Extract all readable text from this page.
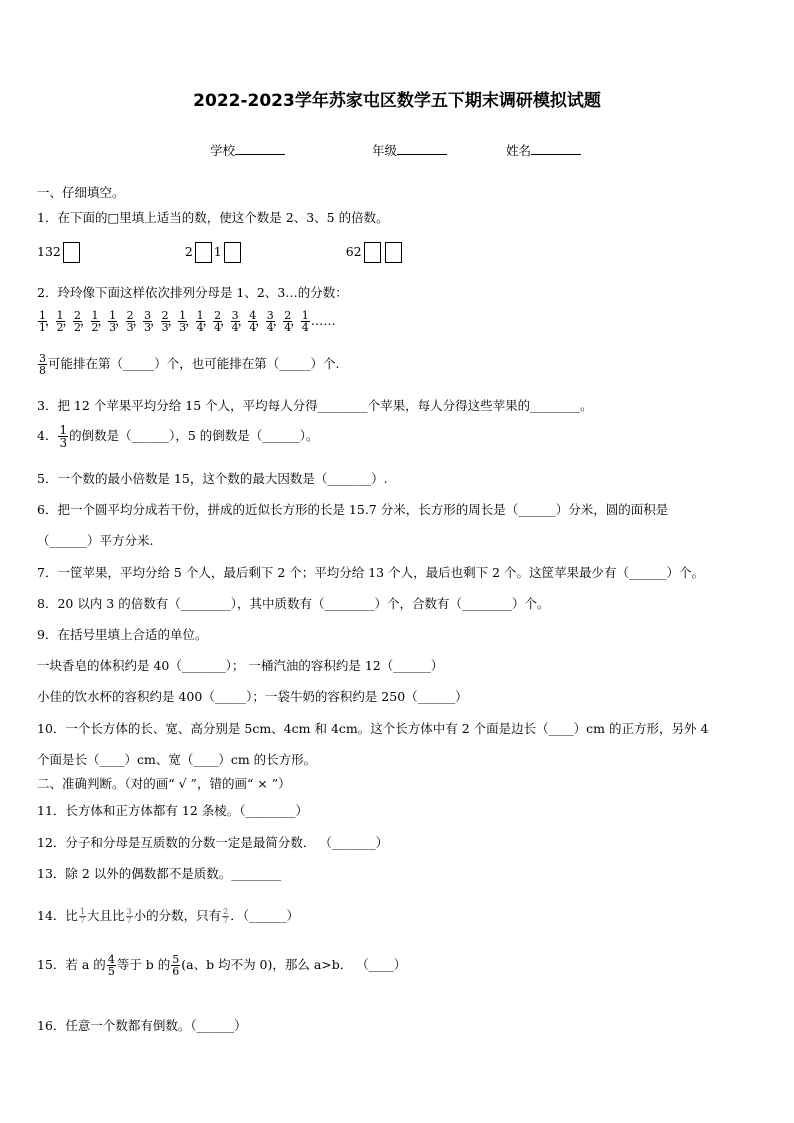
2022-2023学年苏家屯区数学五下期末调研模拟试题
学校	年级	姓名
一、仔细填空。
1．在下面的□里填上适当的数，使这个数是 2、3、5 的倍数。
132	2 1	62
2．玲玲像下面这样依次排列分母是 1、2、3…的分数：
$\frac{1}{1}$
，
$\frac{1}{2}$
，
$\frac{2}{2}$
，
$\frac{1}{2}$
，
$\frac{1}{3}$
，
$\frac{2}{3}$
，
$\frac{3}{3}$
，
$\frac{2}{3}$
，
$\frac{1}{3}$
，
$\frac{1}{4}$
，
$\frac{2}{4}$
，
$\frac{3}{4}$
，
$\frac{4}{4}$
，
$\frac{3}{4}$
，
$\frac{2}{4}$
，
$\frac{1}{4}$ ……
$\frac{3}{8}$ 可能排在第（_____）个，也可能排在第（_____）个.
3．把 12 个苹果平均分给 15 个人，平均每人分得________个苹果，每人分得这些苹果的________。
4． $\frac{1}{3}$ 的倒数是（______），5 的倒数是（______）。
5．一个数的最小倍数是 15，这个数的最大因数是（_______）.
6．把一个圆平均分成若干份，拼成的近似长方形的长是 15.7 分米，长方形的周长是（______）分米，圆的面积是
（______）平方分米.
7．一筐苹果，平均分给 5 个人，最后剩下 2 个；平均分给 13 个人，最后也剩下 2 个。这筐苹果最少有（______）个。
8．20 以内 3 的倍数有（________），其中质数有（________）个，合数有（________）个。
9．在括号里填上合适的单位。
一块香皂的体积约是 40（_______）； 一桶汽油的容积约是 12（______）
小佳的饮水杯的容积约是 400（_____）；一袋牛奶的容积约是 250（______）
10．一个长方体的长、宽、高分别是 5cm、4cm 和 4cm。这个长方体中有 2 个面是边长（____）cm 的正方形，另外 4
个面是长（____）cm、宽（____）cm 的长方形。
二、准确判断。（对的画“ √ ”，错的画“ × ”）
11．长方体和正方体都有 12 条棱。（________）
12．分子和分母是互质数的分数一定是最简分数． （_______）
13．除 2 以外的偶数都不是质数。________
14．比 $\frac{1}{7}$ 大且比 $\frac{3}{7}$ 小的分数，只有 $\frac{2}{7}$ ．（______）
15．若 a 的 $\frac{4}{5}$ 等于 b 的 $\frac{5}{6} (a$、b 均不为 0)，那么 a>b． （____）
16．任意一个数都有倒数。（______）
